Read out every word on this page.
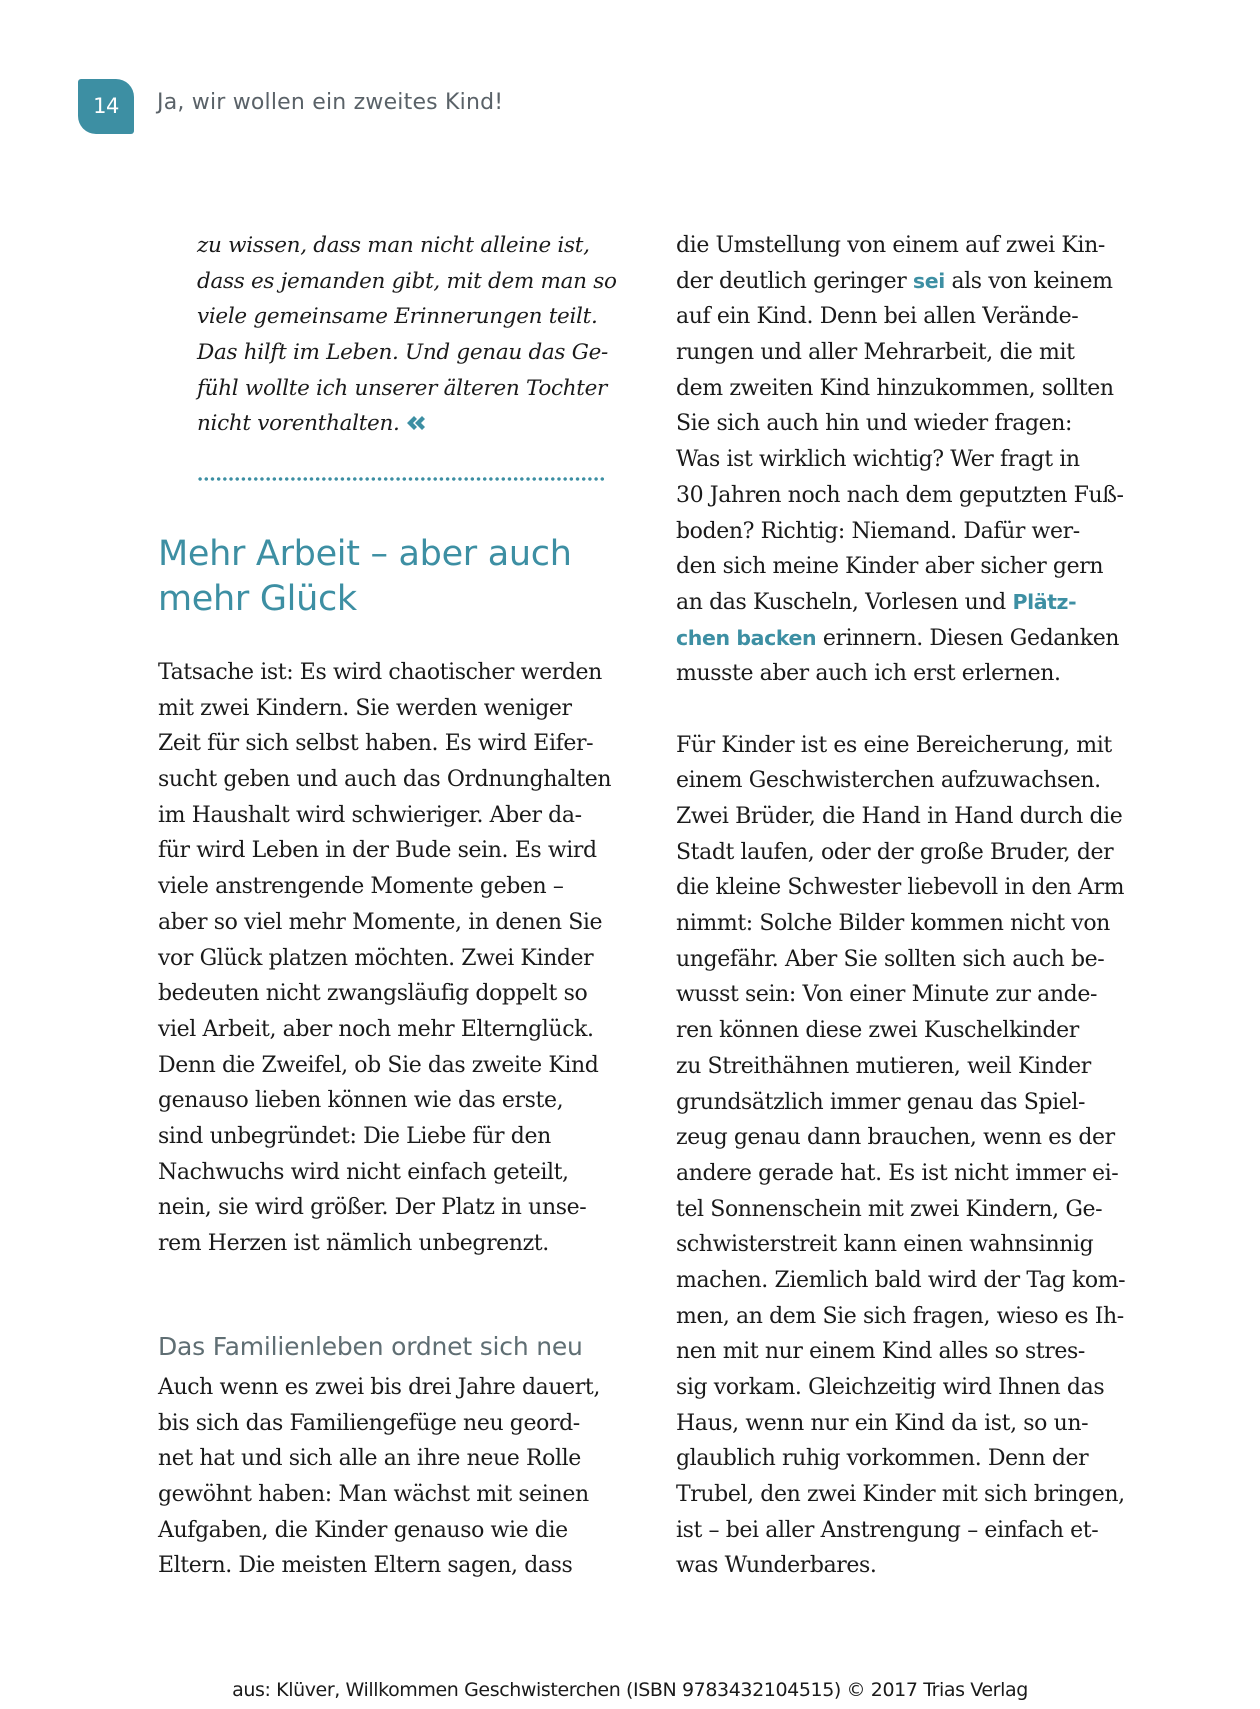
14	Ja, wir wollen ein zweites Kind!
zu wissen, dass man nicht alleine ist,
dass es jemanden gibt, mit dem man so
viele gemeinsame Erinnerungen teilt.
Das hilft im Leben. Und genau das Ge-
fühl wollte ich unserer älteren Tochter
nicht vorenthalten.
Mehr Arbeit – aber auch
mehr Glück
Tatsache ist: Es wird chaotischer werden
mit zwei Kindern. Sie werden weniger
Zeit für sich selbst haben. Es wird Eifer-
sucht geben und auch das Ordnunghalten
im Haushalt wird schwieriger. Aber da-
für wird Leben in der Bude sein. Es wird
viele anstrengende Momente geben –
aber so viel mehr Momente, in denen Sie
vor Glück platzen möchten. Zwei Kinder
bedeuten nicht zwangsläufig doppelt so
viel Arbeit, aber noch mehr Elternglück.
Denn die Zweifel, ob Sie das zweite Kind
genauso lieben können wie das erste,
sind unbegründet: Die Liebe für den
Nachwuchs wird nicht einfach geteilt,
nein, sie wird größer. Der Platz in unse-
rem Herzen ist nämlich unbegrenzt.
Das Familienleben ordnet sich neu
Auch wenn es zwei bis drei Jahre dauert,
bis sich das Familiengefüge neu geord-
net hat und sich alle an ihre neue Rolle
gewöhnt haben: Man wächst mit seinen
Aufgaben, die Kinder genauso wie die
Eltern. Die meisten Eltern sagen, dass
die Umstellung von einem auf zwei Kin-
der deutlich geringer sei als von keinem
auf ein Kind. Denn bei allen Verände-
rungen und aller Mehrarbeit, die mit
dem zweiten Kind hinzukommen, sollten
Sie sich auch hin und wieder fragen:
Was ist wirklich wichtig? Wer fragt in
30 Jahren noch nach dem geputzten Fuß-
boden? Richtig: Niemand. Dafür wer-
den sich meine Kinder aber sicher gern
an das Kuscheln, Vorlesen und Plätz-
chen backen erinnern. Diesen Gedanken
musste aber auch ich erst erlernen.
Für Kinder ist es eine Bereicherung, mit
einem Geschwisterchen aufzuwachsen.
Zwei Brüder, die Hand in Hand durch die
Stadt laufen, oder der große Bruder, der
die kleine Schwester liebevoll in den Arm
nimmt: Solche Bilder kommen nicht von
ungefähr. Aber Sie sollten sich auch be-
wusst sein: Von einer Minute zur ande-
ren können diese zwei Kuschelkinder
zu Streithähnen mutieren, weil Kinder
grundsätzlich immer genau das Spiel-
zeug genau dann brauchen, wenn es der
andere gerade hat. Es ist nicht immer ei-
tel Sonnenschein mit zwei Kindern, Ge-
schwisterstreit kann einen wahnsinnig
machen. Ziemlich bald wird der Tag kom-
men, an dem Sie sich fragen, wieso es Ih-
nen mit nur einem Kind alles so stres-
sig vorkam. Gleichzeitig wird Ihnen das
Haus, wenn nur ein Kind da ist, so un-
glaublich ruhig vorkommen. Denn der
Trubel, den zwei Kinder mit sich bringen,
ist – bei aller Anstrengung – einfach et-
was Wunderbares.
aus: Klüver, Willkommen Geschwisterchen (ISBN 9783432104515) © 2017 Trias Verlag
